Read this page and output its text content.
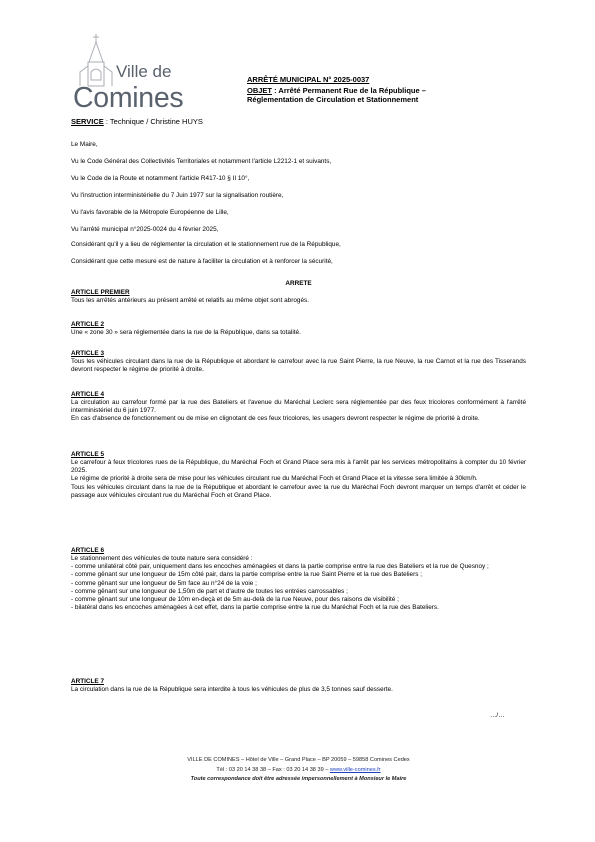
Ville de
Comines
ARRÊTÉ MUNICIPAL N° 2025-0037
OBJET : Arrêté Permanent Rue de la République –
Réglementation de Circulation et Stationnement
SERVICE : Technique / Christine HUYS
Le Maire,
Vu le Code Général des Collectivités Territoriales et notamment l'article L2212-1 et suivants,
Vu le Code de la Route et notamment l'article R417-10 § II 10°,
Vu l'instruction interministérielle du 7 Juin 1977 sur la signalisation routière,
Vu l'avis favorable de la Métropole Européenne de Lille,
Vu l'arrêté municipal n°2025-0024 du 4 février 2025,
Considérant qu'il y a lieu de réglementer la circulation et le stationnement rue de la République,
Considérant que cette mesure est de nature à faciliter la circulation et à renforcer la sécurité,
ARRETE

ARTICLE PREMIER

Tous les arrêtés antérieurs au présent arrêté et relatifs au même objet sont abrogés.

ARTICLE 2

Une « zone 30 » sera réglementée dans la rue de la République, dans sa totalité.

ARTICLE 3

Tous les véhicules circulant dans la rue de la République et abordant le carrefour avec la rue Saint Pierre, la rue Neuve, la rue Carnot et la rue des Tisserands devront respecter le régime de priorité à droite.

ARTICLE 4

La circulation au carrefour formé par la rue des Bateliers et l'avenue du Maréchal Leclerc sera réglementée par des feux tricolores conformément à l'arrêté interministériel du 6 juin 1977.

En cas d'absence de fonctionnement ou de mise en clignotant de ces feux tricolores, les usagers devront respecter le régime de priorité à droite.

ARTICLE 5

Le carrefour à feux tricolores rues de la République, du Maréchal Foch et Grand Place sera mis à l'arrêt par les services métropolitains à compter du 10 février 2025.

Le régime de priorité à droite sera de mise pour les véhicules circulant rue du Maréchal Foch et Grand Place et la vitesse sera limitée à 30km/h.

Tous les véhicules circulant dans la rue de la République et abordant le carrefour avec la rue du Maréchal Foch devront marquer un temps d'arrêt et céder le passage aux véhicules circulant rue du Maréchal Foch et Grand Place.

ARTICLE 6

Le stationnement des véhicules de toute nature sera considéré :

- comme unilatéral côté pair, uniquement dans les encoches aménagées et dans la partie comprise entre la rue des Bateliers et la rue de Quesnoy ;

- comme gênant sur une longueur de 15m côté pair, dans la partie comprise entre la rue Saint Pierre et la rue des Bateliers ;

- comme gênant sur une longueur de 5m face au n°24 de la voie ;

- comme gênant sur une longueur de 1,50m de part et d'autre de toutes les entrées carrossables ;

- comme gênant sur une longueur de 10m en-deçà et de 5m au-delà de la rue Neuve, pour des raisons de visibilité ;

- bilatéral dans les encoches aménagées à cet effet, dans la partie comprise entre la rue du Maréchal Foch et la rue des Bateliers.

ARTICLE 7

La circulation dans la rue de la République sera interdite à tous les véhicules de plus de 3,5 tonnes sauf desserte.

…/…
VILLE DE COMINES – Hôtel de Ville – Grand Place – BP 20059 – 59858 Comines Cedex
Tél : 03 20 14 38 38 – Fax : 03 20 14 38 39 – www.ville-comines.fr
Toute correspondance doit être adressée impersonnellement à Monsieur le Maire
